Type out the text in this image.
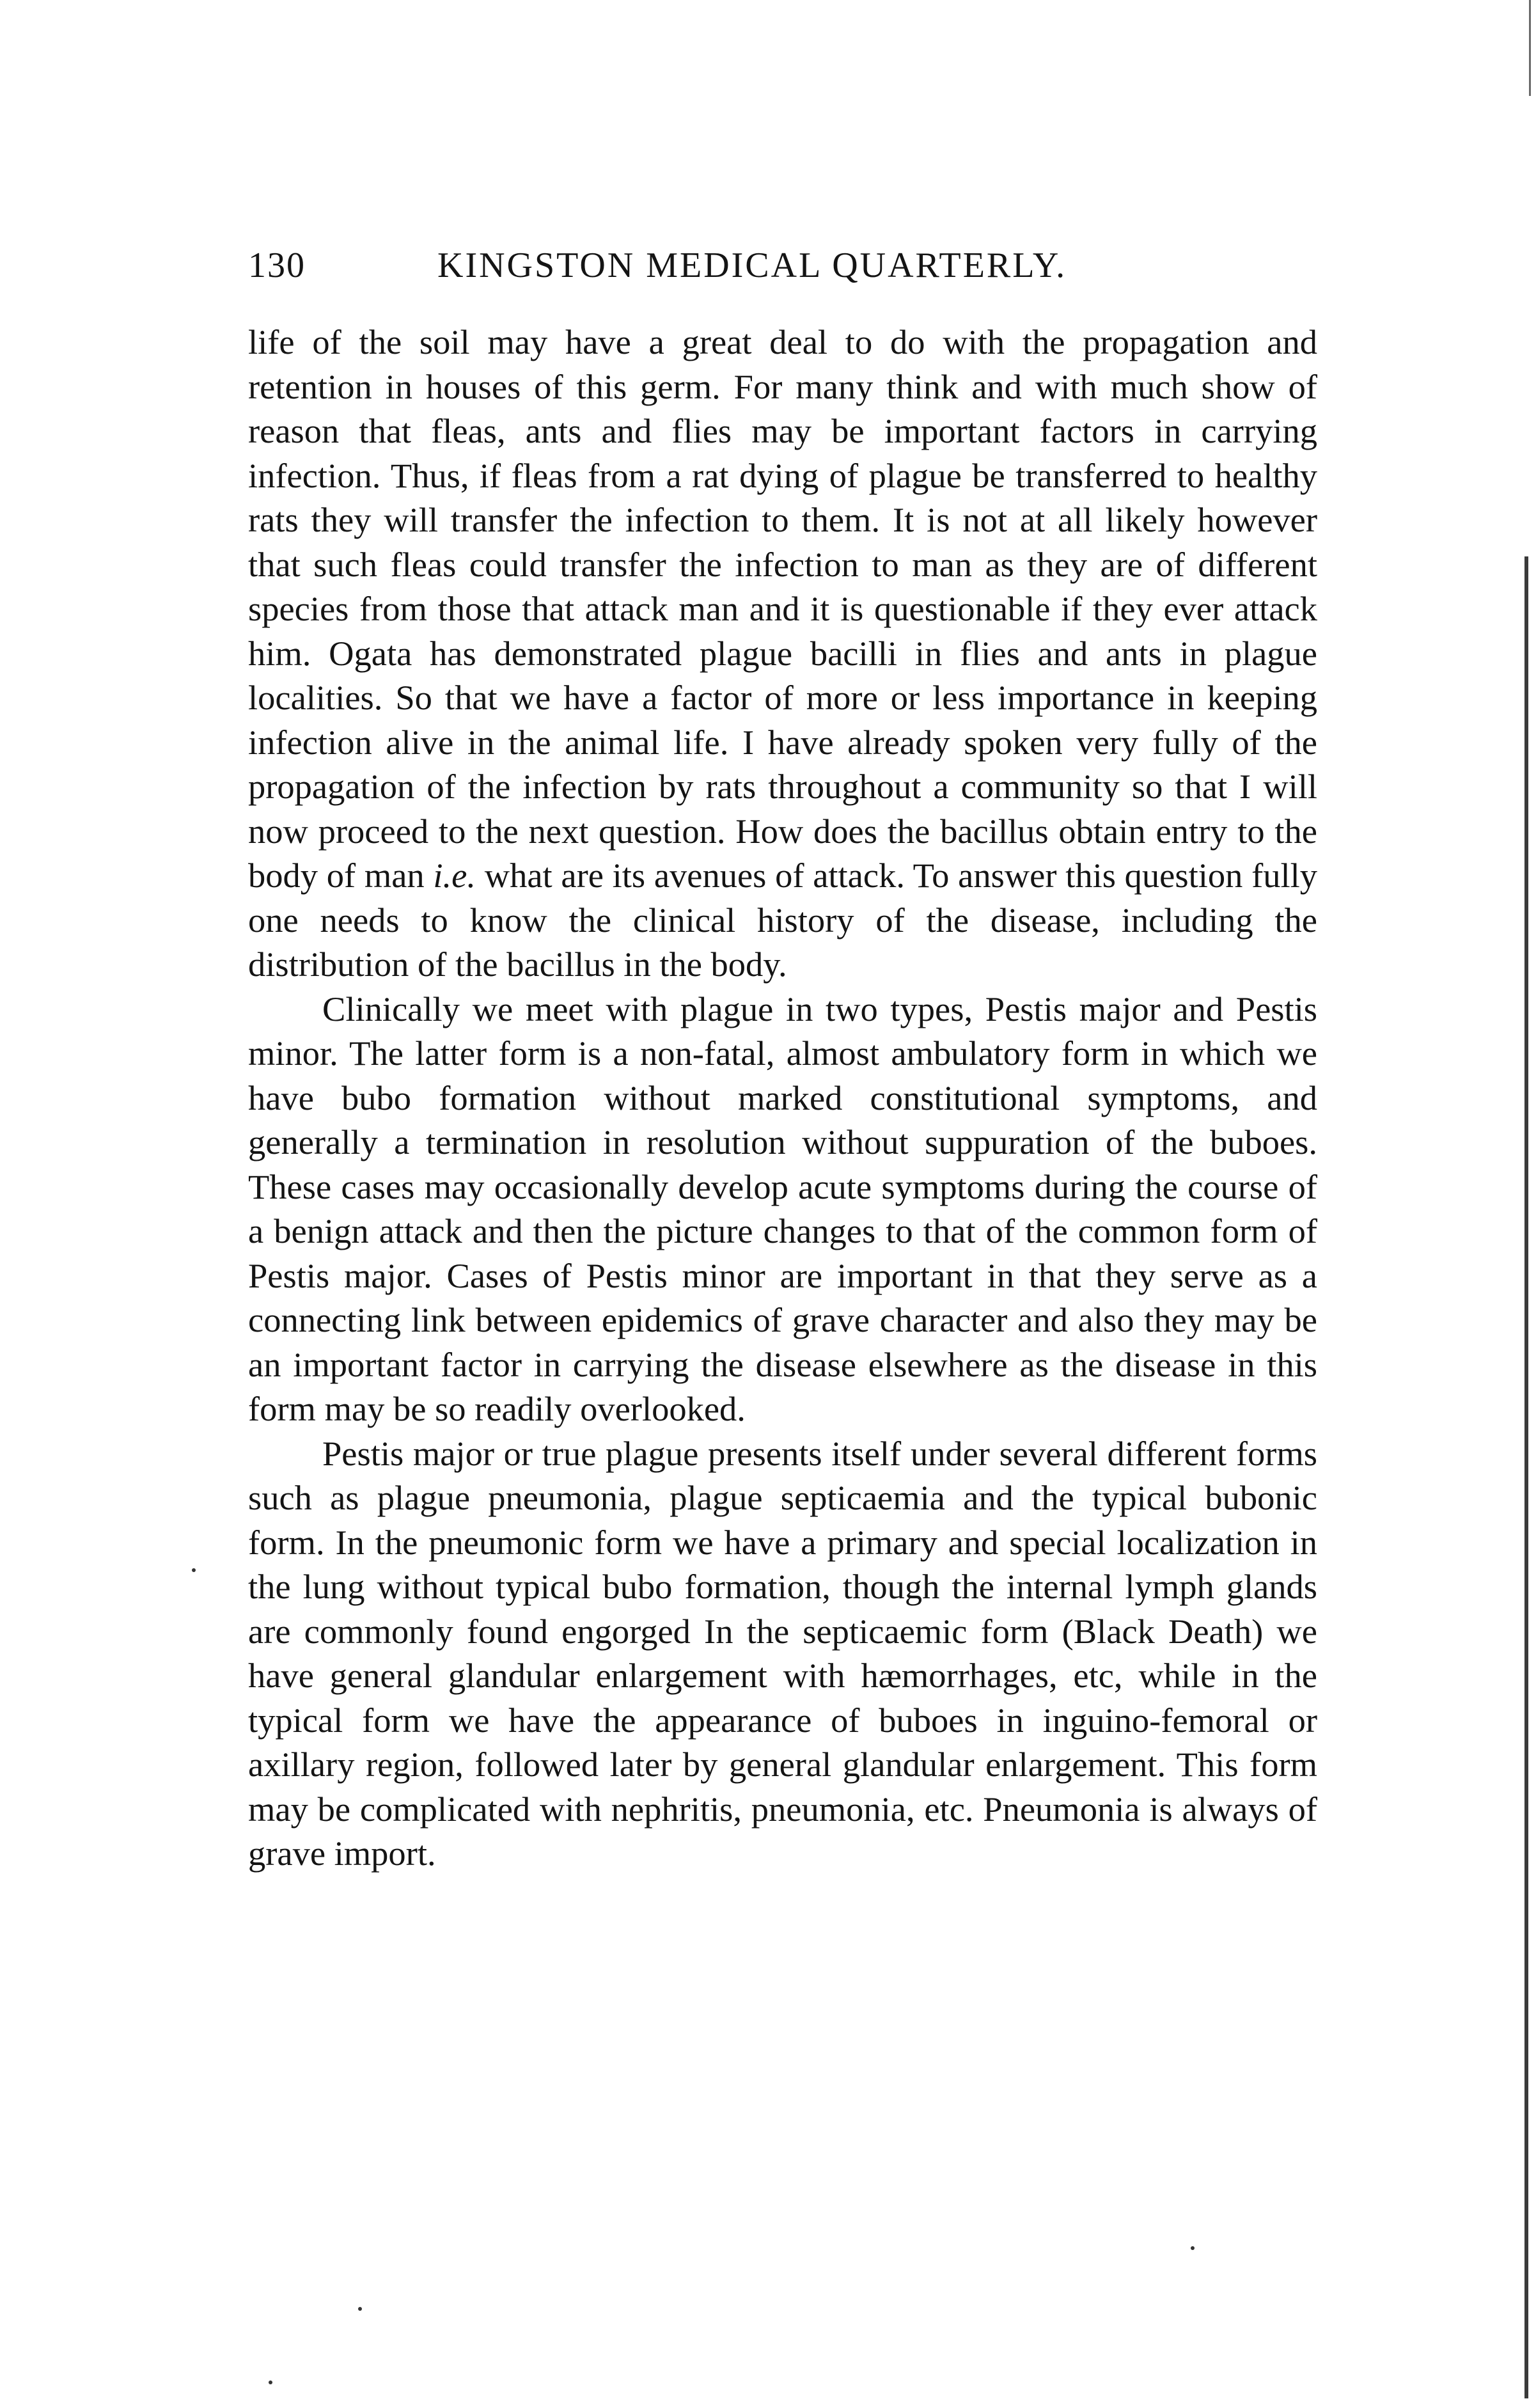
130	KINGSTON MEDICAL QUARTERLY.

life of the soil may have a great deal to do with the propagation and retention in houses of this germ. For many think and with much show of reason that fleas, ants and flies may be important factors in carrying infection. Thus, if fleas from a rat dying of plague be transferred to healthy rats they will transfer the infection to them. It is not at all likely however that such fleas could transfer the infection to man as they are of different species from those that attack man and it is questionable if they ever attack him. Ogata has demonstrated plague bacilli in flies and ants in plague localities. So that we have a factor of more or less importance in keeping infection alive in the animal life. I have already spoken very fully of the propagation of the infection by rats throughout a community so that I will now proceed to the next question. How does the bacillus obtain entry to the body of man i.e. what are its avenues of attack. To answer this question fully one needs to know the clinical history of the disease, including the distribution of the bacillus in the body.

Clinically we meet with plague in two types, Pestis major and Pestis minor. The latter form is a non-fatal, almost ambulatory form in which we have bubo formation without marked constitutional symptoms, and generally a termination in resolution without suppuration of the buboes. These cases may occasionally develop acute symptoms during the course of a benign attack and then the picture changes to that of the common form of Pestis major. Cases of Pestis minor are important in that they serve as a connecting link between epidemics of grave character and also they may be an important factor in carrying the disease elsewhere as the disease in this form may be so readily overlooked.

Pestis major or true plague presents itself under several different forms such as plague pneumonia, plague septicaemia and the typical bubonic form. In the pneumonic form we have a primary and special localization in the lung without typical bubo formation, though the internal lymph glands are commonly found engorged In the septicaemic form (Black Death) we have general glandular enlargement with hæmorrhages, etc, while in the typical form we have the appearance of buboes in inguino-femoral or axillary region, followed later by general glandular enlargement. This form may be complicated with nephritis, pneumonia, etc. Pneumonia is always of grave import.
